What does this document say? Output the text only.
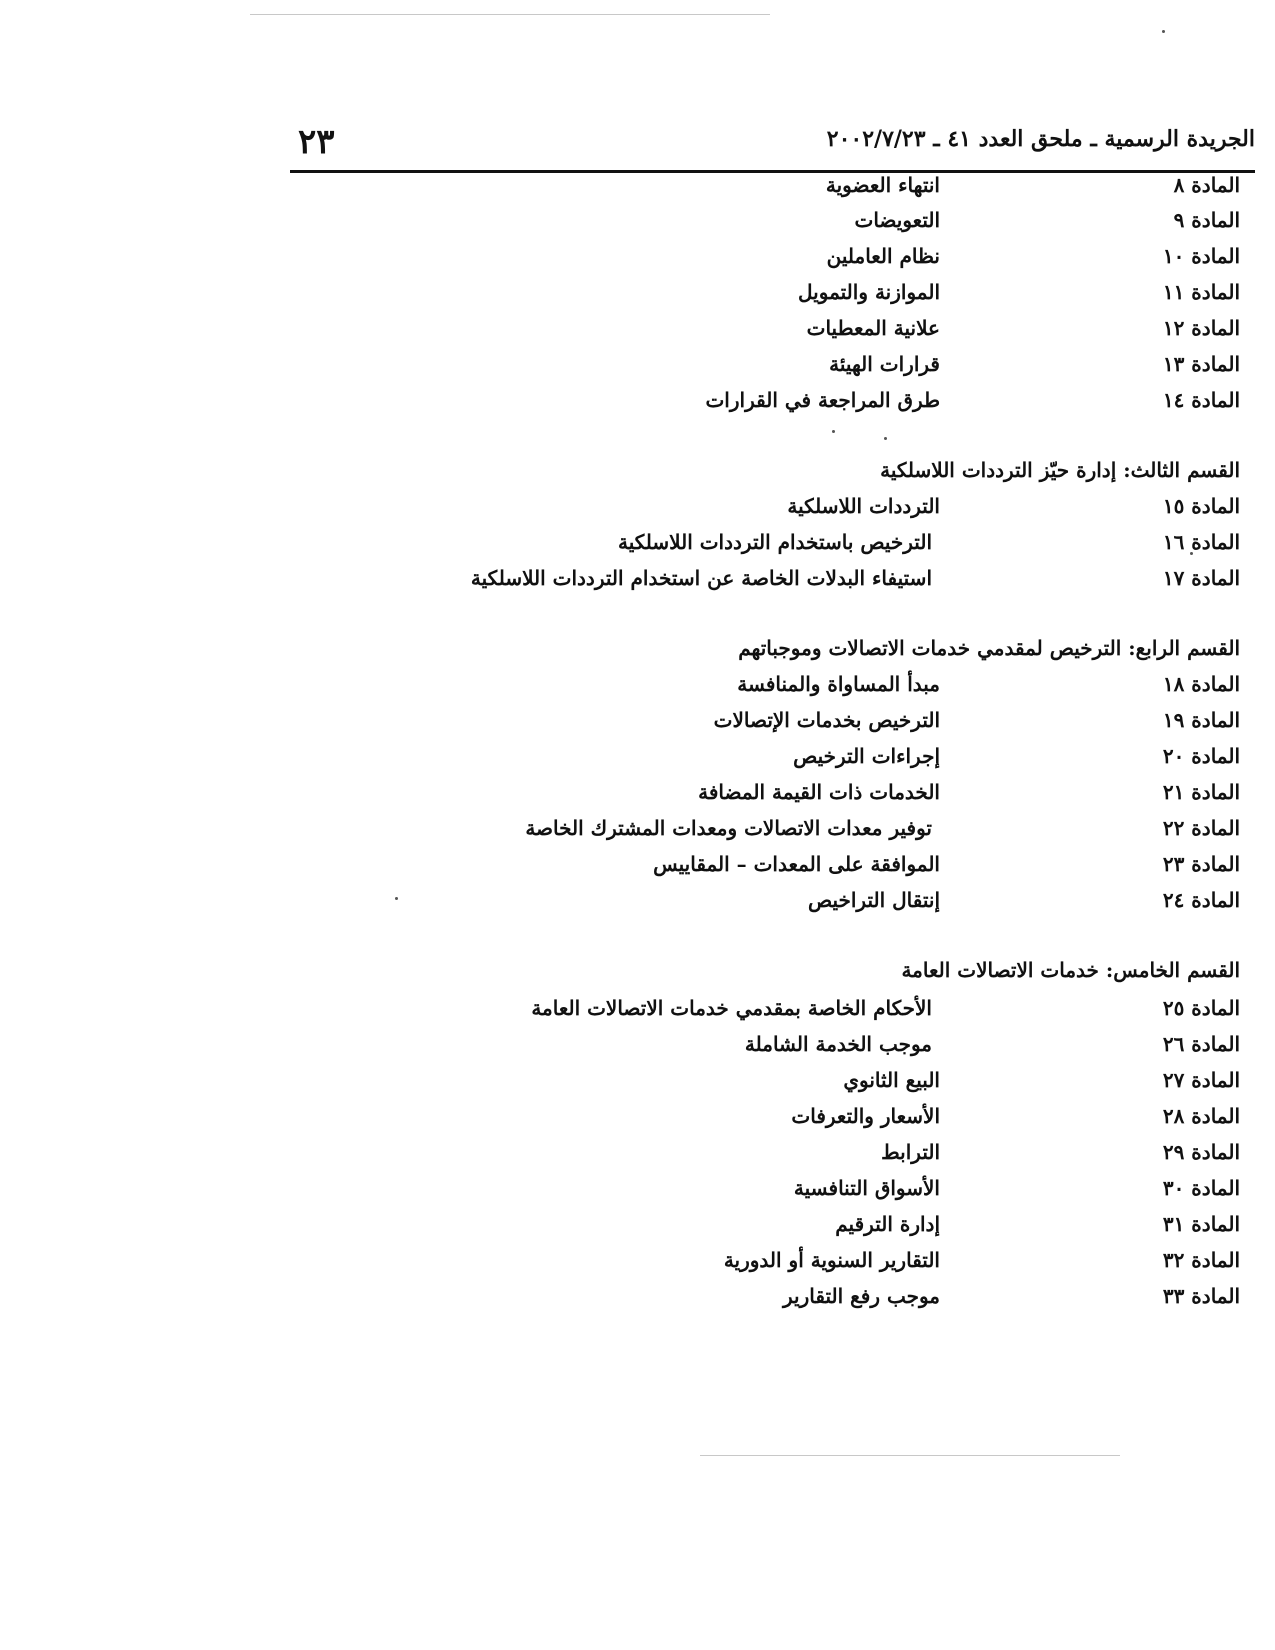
٢٣	الجريدة الرسمية ـ ملحق العدد ٤١ ـ ٢٠٠٢/٧/٢٣
المادة ٨
انتهاء العضوية
المادة ٩
التعويضات
المادة ١٠
نظام العاملين
المادة ١١
الموازنة والتمويل
المادة ١٢
علانية المعطيات
المادة ١٣
قرارات الهيئة
المادة ١٤
طرق المراجعة في القرارات
القسم الثالث: إدارة حيّز الترددات اللاسلكية
المادة ١٥
الترددات اللاسلكية
المادة ١٦
الترخيص باستخدام الترددات اللاسلكية
المادة ١٧
استيفاء البدلات الخاصة عن استخدام الترددات اللاسلكية
القسم الرابع: الترخيص لمقدمي خدمات الاتصالات وموجباتهم
المادة ١٨
مبدأ المساواة والمنافسة
المادة ١٩
الترخيص بخدمات الإتصالات
المادة ٢٠
إجراءات الترخيص
المادة ٢١
الخدمات ذات القيمة المضافة
المادة ٢٢
توفير معدات الاتصالات ومعدات المشترك الخاصة
المادة ٢٣
الموافقة على المعدات – المقاييس
المادة ٢٤
إنتقال التراخيص
القسم الخامس: خدمات الاتصالات العامة
المادة ٢٥
الأحكام الخاصة بمقدمي خدمات الاتصالات العامة
المادة ٢٦
موجب الخدمة الشاملة
المادة ٢٧
البيع الثانوي
المادة ٢٨
الأسعار والتعرفات
المادة ٢٩
الترابط
المادة ٣٠
الأسواق التنافسية
المادة ٣١
إدارة الترقيم
المادة ٣٢
التقارير السنوية أو الدورية
المادة ٣٣
موجب رفع التقارير
